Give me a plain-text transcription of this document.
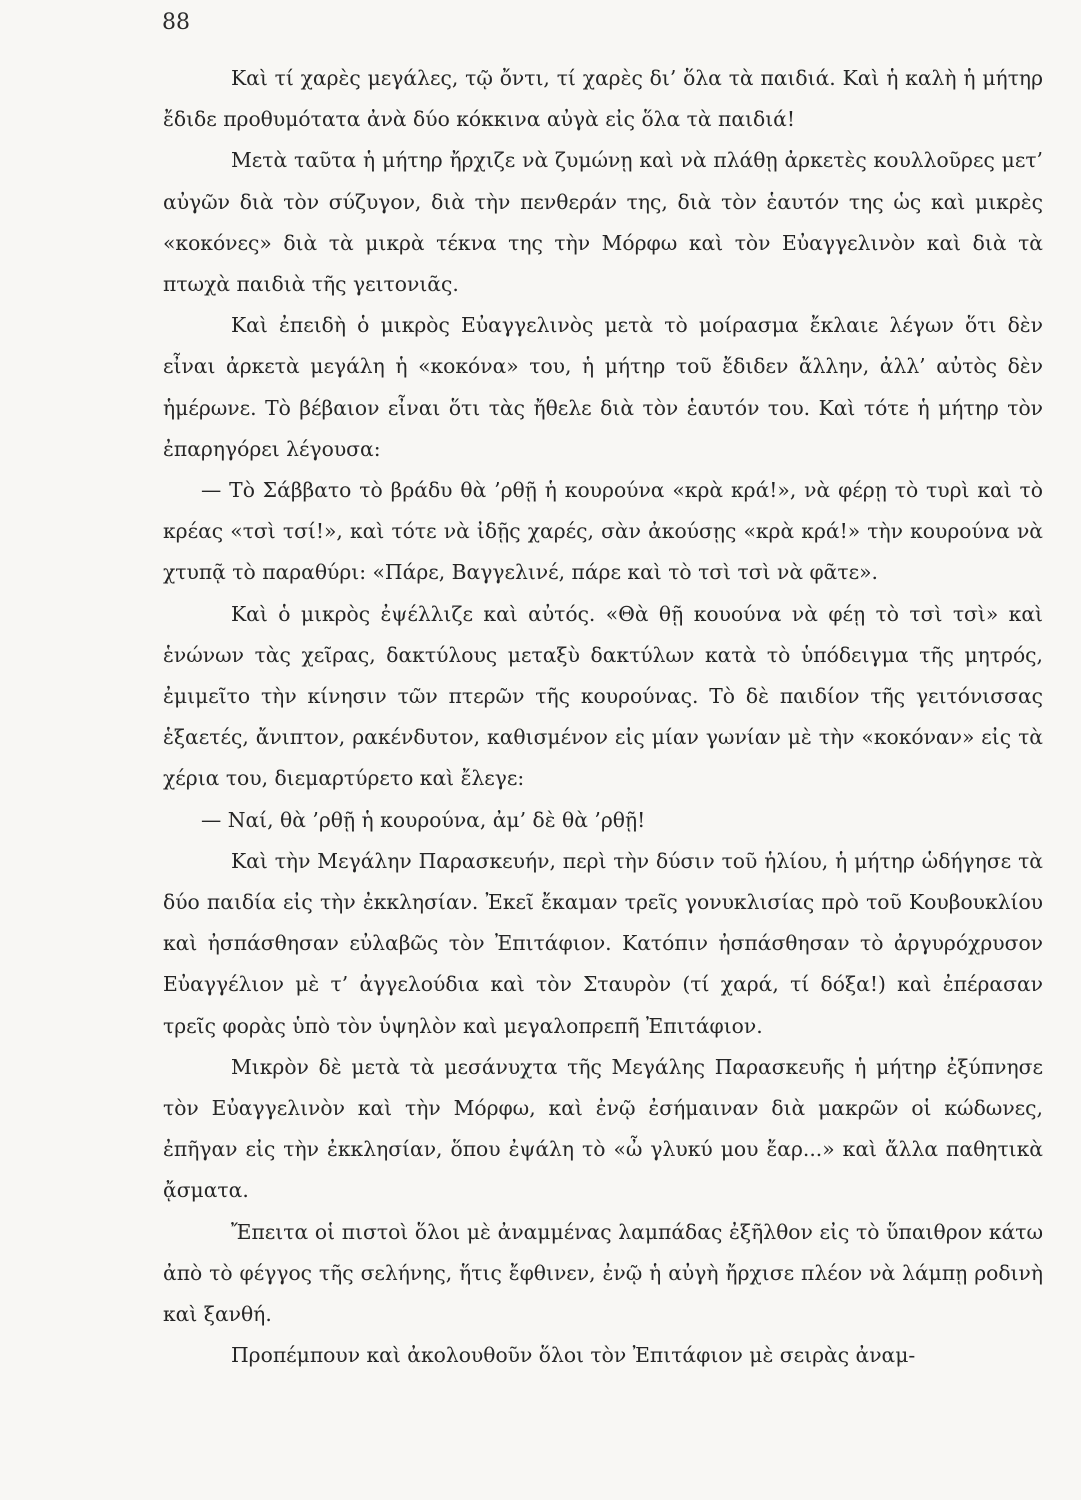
88

Καὶ τί χαρὲς μεγάλες, τῷ ὄντι, τί χαρὲς δι’ ὅλα τὰ παιδιά. Καὶ ἡ καλὴ ἡ μήτηρ ἔδιδε προθυμότατα ἀνὰ δύο κόκκινα αὐγὰ εἰς ὅλα τὰ παιδιά!

Μετὰ ταῦτα ἡ μήτηρ ἤρχιζε νὰ ζυμώνῃ καὶ νὰ πλάθῃ ἀρκετὲς κουλλοῦρες μετ’ αὐγῶν διὰ τὸν σύζυγον, διὰ τὴν πενθεράν της, διὰ τὸν ἑαυτόν της ὡς καὶ μικρὲς «κοκόνες» διὰ τὰ μικρὰ τέκνα της τὴν Μόρφω καὶ τὸν Εὐαγγελινὸν καὶ διὰ τὰ πτωχὰ παιδιὰ τῆς γειτονιᾶς.

Καὶ ἐπειδὴ ὁ μικρὸς Εὐαγγελινὸς μετὰ τὸ μοίρασμα ἔκλαιε λέγων ὅτι δὲν εἶναι ἀρκετὰ μεγάλη ἡ «κοκόνα» του, ἡ μήτηρ τοῦ ἔδιδεν ἄλλην, ἀλλ’ αὐτὸς δὲν ἡμέρωνε. Τὸ βέβαιον εἶναι ὅτι τὰς ἤθελε διὰ τὸν ἑαυτόν του. Καὶ τότε ἡ μήτηρ τὸν ἐπαρηγόρει λέγουσα:

— Τὸ Σάββατο τὸ βράδυ θὰ ’ρθῇ ἡ κουρούνα «κρὰ κρά!», νὰ φέρῃ τὸ τυρὶ καὶ τὸ κρέας «τσὶ τσί!», καὶ τότε νὰ ἰδῇς χαρές, σὰν ἀκούσῃς «κρὰ κρά!» τὴν κουρούνα νὰ χτυπᾷ τὸ παραθύρι: «Πάρε, Βαγγελινέ, πάρε καὶ τὸ τσὶ τσὶ νὰ φᾶτε».

Καὶ ὁ μικρὸς ἐψέλλιζε καὶ αὐτός. «Θὰ θῇ κουούνα νὰ φέῃ τὸ τσὶ τσὶ» καὶ ἑνώνων τὰς χεῖρας, δακτύλους μεταξὺ δακτύλων κατὰ τὸ ὑπόδειγμα τῆς μητρός, ἐμιμεῖτο τὴν κίνησιν τῶν πτερῶν τῆς κουρούνας. Τὸ δὲ παιδίον τῆς γειτόνισσας ἑξαετές, ἄνιπτον, ρακένδυτον, καθισμένον εἰς μίαν γωνίαν μὲ τὴν «κοκόναν» εἰς τὰ χέρια του, διεμαρτύρετο καὶ ἔλεγε:

— Ναί, θὰ ’ρθῇ ἡ κουρούνα, ἀμ’ δὲ θὰ ’ρθῇ!

Καὶ τὴν Μεγάλην Παρασκευήν, περὶ τὴν δύσιν τοῦ ἡλίου, ἡ μήτηρ ὡδήγησε τὰ δύο παιδία εἰς τὴν ἐκκλησίαν. Ἐκεῖ ἔκαμαν τρεῖς γονυκλισίας πρὸ τοῦ Κουβουκλίου καὶ ἠσπάσθησαν εὐλαβῶς τὸν Ἐπιτάφιον. Κατόπιν ἠσπάσθησαν τὸ ἀργυρόχρυσον Εὐαγγέλιον μὲ τ’ ἀγγελούδια καὶ τὸν Σταυρὸν (τί χαρά, τί δόξα!) καὶ ἐπέρασαν τρεῖς φορὰς ὑπὸ τὸν ὑψηλὸν καὶ μεγαλοπρεπῆ Ἐπιτάφιον.

Μικρὸν δὲ μετὰ τὰ μεσάνυχτα τῆς Μεγάλης Παρασκευῆς ἡ μήτηρ ἐξύπνησε τὸν Εὐαγγελινὸν καὶ τὴν Μόρφω, καὶ ἐνῷ ἐσήμαιναν διὰ μακρῶν οἱ κώδωνες, ἐπῆγαν εἰς τὴν ἐκκλησίαν, ὅπου ἐψάλη τὸ «ὦ γλυκύ μου ἔαρ...» καὶ ἄλλα παθητικὰ ᾄσματα.

Ἔπειτα οἱ πιστοὶ ὅλοι μὲ ἀναμμένας λαμπάδας ἐξῆλθον εἰς τὸ ὕπαιθρον κάτω ἀπὸ τὸ φέγγος τῆς σελήνης, ἥτις ἔφθινεν, ἐνῷ ἡ αὐγὴ ἤρχισε πλέον νὰ λάμπῃ ροδινὴ καὶ ξανθή.

Προπέμπουν καὶ ἀκολουθοῦν ὅλοι τὸν Ἐπιτάφιον μὲ σειρὰς ἀναμ-
